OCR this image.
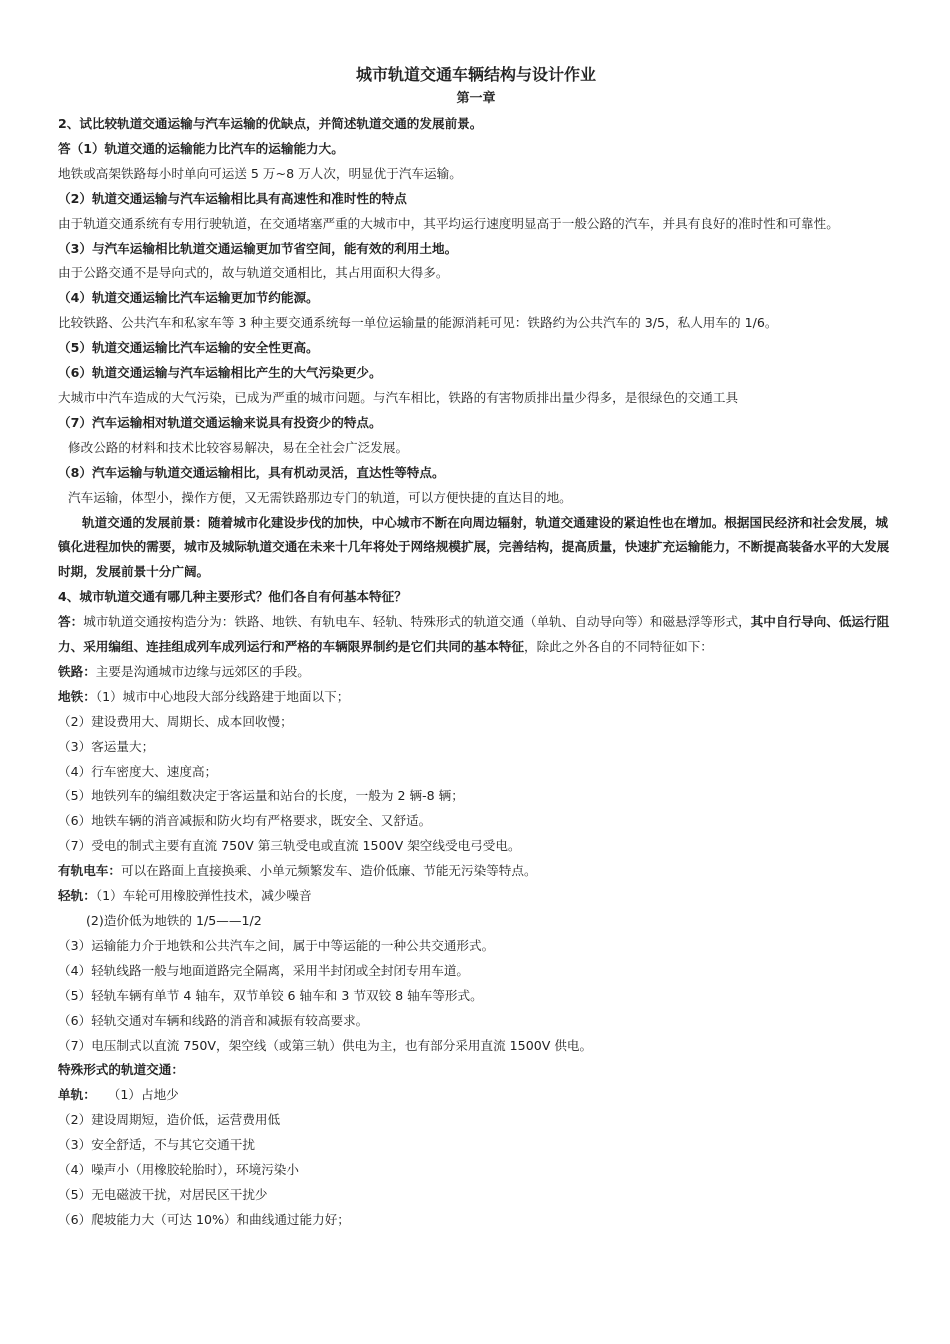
城市轨道交通车辆结构与设计作业

第一章

2、试比较轨道交通运输与汽车运输的优缺点，并简述轨道交通的发展前景。

答（1）轨道交通的运输能力比汽车的运输能力大。

地铁或高架铁路每小时单向可运送 5 万~8 万人次，明显优于汽车运输。

（2）轨道交通运输与汽车运输相比具有高速性和准时性的特点

由于轨道交通系统有专用行驶轨道，在交通堵塞严重的大城市中，其平均运行速度明显高于一般公路的汽车，并具有良好的准时性和可靠性。

（3）与汽车运输相比轨道交通运输更加节省空间，能有效的利用土地。

由于公路交通不是导向式的，故与轨道交通相比，其占用面积大得多。

（4）轨道交通运输比汽车运输更加节约能源。

比较铁路、公共汽车和私家车等 3 种主要交通系统每一单位运输量的能源消耗可见：铁路约为公共汽车的 3/5，私人用车的 1/6。

（5）轨道交通运输比汽车运输的安全性更高。

（6）轨道交通运输与汽车运输相比产生的大气污染更少。

大城市中汽车造成的大气污染，已成为严重的城市问题。与汽车相比，铁路的有害物质排出量少得多，是很绿色的交通工具

（7）汽车运输相对轨道交通运输来说具有投资少的特点。

修改公路的材料和技术比较容易解决，易在全社会广泛发展。

（8）汽车运输与轨道交通运输相比，具有机动灵活，直达性等特点。

汽车运输，体型小，操作方便，又无需铁路那边专门的轨道，可以方便快捷的直达目的地。

轨道交通的发展前景：随着城市化建设步伐的加快，中心城市不断在向周边辐射，轨道交通建设的紧迫性也在增加。根据国民经济和社会发展，城镇化进程加快的需要，城市及城际轨道交通在未来十几年将处于网络规模扩展，完善结构，提高质量，快速扩充运输能力，不断提高装备水平的大发展时期，发展前景十分广阔。

4、城市轨道交通有哪几种主要形式？他们各自有何基本特征？

答：城市轨道交通按构造分为：铁路、地铁、有轨电车、轻轨、特殊形式的轨道交通（单轨、自动导向等）和磁悬浮等形式，其中自行导向、低运行阻力、采用编组、连挂组成列车成列运行和严格的车辆限界制约是它们共同的基本特征，除此之外各自的不同特征如下：

铁路：主要是沟通城市边缘与远郊区的手段。

地铁：（1）城市中心地段大部分线路建于地面以下；

（2）建设费用大、周期长、成本回收慢；

（3）客运量大；

（4）行车密度大、速度高；

（5）地铁列车的编组数决定于客运量和站台的长度，一般为 2 辆-8 辆；

（6）地铁车辆的消音减振和防火均有严格要求，既安全、又舒适。

（7）受电的制式主要有直流 750V 第三轨受电或直流 1500V 架空线受电弓受电。

有轨电车：可以在路面上直接换乘、小单元频繁发车、造价低廉、节能无污染等特点。

轻轨：（1）车轮可用橡胶弹性技术，减少噪音

(2)造价低为地铁的 1/5——1/2

（3）运输能力介于地铁和公共汽车之间，属于中等运能的一种公共交通形式。

（4）轻轨线路一般与地面道路完全隔离，采用半封闭或全封闭专用车道。

（5）轻轨车辆有单节 4 轴车，双节单铰 6 轴车和 3 节双铰 8 轴车等形式。

（6）轻轨交通对车辆和线路的消音和减振有较高要求。

（7）电压制式以直流 750V，架空线（或第三轨）供电为主，也有部分采用直流 1500V 供电。

特殊形式的轨道交通：

单轨： （1）占地少

（2）建设周期短，造价低，运营费用低

（3）安全舒适，不与其它交通干扰

（4）噪声小（用橡胶轮胎时），环境污染小

（5）无电磁波干扰，对居民区干扰少

（6）爬坡能力大（可达 10%）和曲线通过能力好；
